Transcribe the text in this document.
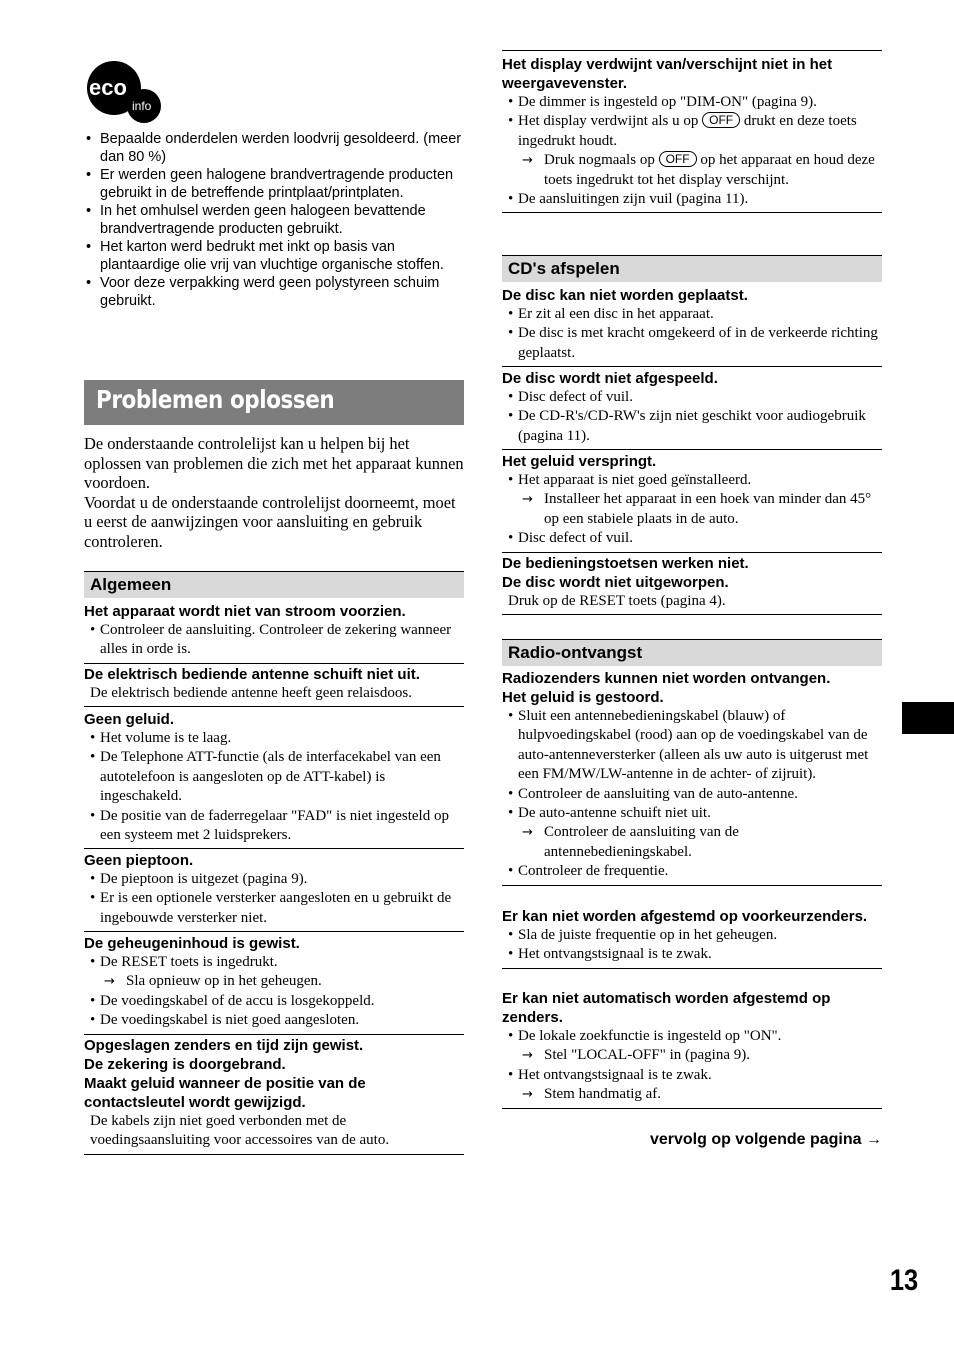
eco
info
• Bepaalde onderdelen werden loodvrij gesoldeerd. (meer dan 80 %)
• Er werden geen halogene brandvertragende producten gebruikt in de betreffende printplaat/printplaten.
• In het omhulsel werden geen halogeen bevattende brandvertragende producten gebruikt.
• Het karton werd bedrukt met inkt op basis van plantaardige olie vrij van vluchtige organische stoffen.
• Voor deze verpakking werd geen polystyreen schuim gebruikt.
Problemen oplossen

De onderstaande controlelijst kan u helpen bij het oplossen van problemen die zich met het apparaat kunnen voordoen.

Voordat u de onderstaande controlelijst doorneemt, moet u eerst de aanwijzingen voor aansluiting en gebruik controleren.

Algemeen
Het apparaat wordt niet van stroom voorzien.
• Controleer de aansluiting. Controleer de zekering wanneer alles in orde is.
De elektrisch bediende antenne schuift niet uit.
De elektrisch bediende antenne heeft geen relaisdoos.
Geen geluid.
• Het volume is te laag.
• De Telephone ATT-functie (als de interfacekabel van een autotelefoon is aangesloten op de ATT-kabel) is ingeschakeld.
• De positie van de faderregelaar "FAD" is niet ingesteld op een systeem met 2 luidsprekers.
Geen pieptoon.
• De pieptoon is uitgezet (pagina 9).
• Er is een optionele versterker aangesloten en u gebruikt de ingebouwde versterker niet.
De geheugeninhoud is gewist.
• De RESET toets is ingedrukt.
→ Sla opnieuw op in het geheugen.
• De voedingskabel of de accu is losgekoppeld.
• De voedingskabel is niet goed aangesloten.
Opgeslagen zenders en tijd zijn gewist.
De zekering is doorgebrand.
Maakt geluid wanneer de positie van de contactsleutel wordt gewijzigd.
De kabels zijn niet goed verbonden met de voedingsaansluiting voor accessoires van de auto.
Het display verdwijnt van/verschijnt niet in het weergavevenster.
• De dimmer is ingesteld op "DIM-ON" (pagina 9).
• Het display verdwijnt als u op OFF drukt en deze toets ingedrukt houdt.
→ Druk nogmaals op OFF op het apparaat en houd deze toets ingedrukt tot het display verschijnt.
• De aansluitingen zijn vuil (pagina 11).
CD's afspelen
De disc kan niet worden geplaatst.
• Er zit al een disc in het apparaat.
• De disc is met kracht omgekeerd of in de verkeerde richting geplaatst.
De disc wordt niet afgespeeld.
• Disc defect of vuil.
• De CD-R's/CD-RW's zijn niet geschikt voor audiogebruik (pagina 11).
Het geluid verspringt.
• Het apparaat is niet goed geïnstalleerd.
→ Installeer het apparaat in een hoek van minder dan 45° op een stabiele plaats in de auto.
• Disc defect of vuil.
De bedieningstoetsen werken niet.
De disc wordt niet uitgeworpen.
Druk op de RESET toets (pagina 4).
Radio-ontvangst
Radiozenders kunnen niet worden ontvangen.
Het geluid is gestoord.
• Sluit een antennebedieningskabel (blauw) of hulpvoedingskabel (rood) aan op de voedingskabel van de auto-antenneversterker (alleen als uw auto is uitgerust met een FM/MW/LW-antenne in de achter- of zijruit).
• Controleer de aansluiting van de auto-antenne.
• De auto-antenne schuift niet uit.
→ Controleer de aansluiting van de antennebedieningskabel.
• Controleer de frequentie.
Er kan niet worden afgestemd op voorkeurzenders.
• Sla de juiste frequentie op in het geheugen.
• Het ontvangstsignaal is te zwak.
Er kan niet automatisch worden afgestemd op zenders.
• De lokale zoekfunctie is ingesteld op "ON".
→ Stel "LOCAL-OFF" in (pagina 9).
• Het ontvangstsignaal is te zwak.
→ Stem handmatig af.
vervolg op volgende pagina →
13
